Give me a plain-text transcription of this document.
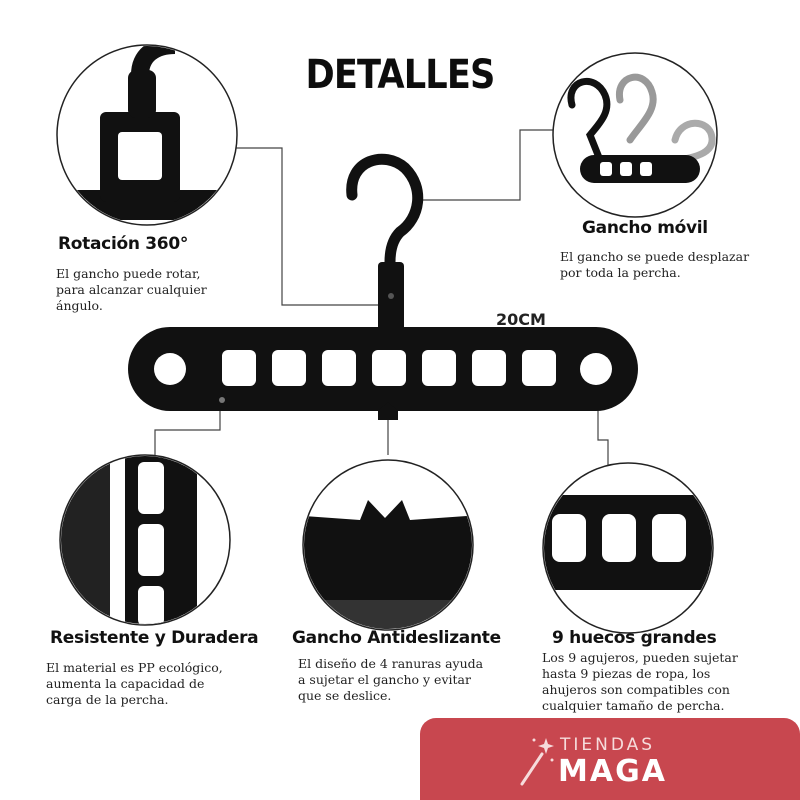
DETALLES
20CM
Rotación 360°
El gancho puede rotar,
para alcanzar cualquier
ángulo.
Gancho móvil
El gancho se puede desplazar
por toda la percha.
Resistente y Duradera
El material es PP ecológico,
aumenta la capacidad de
carga de la percha.
Gancho Antideslizante
El diseño de 4 ranuras ayuda
a sujetar el gancho y evitar
que se deslice.
9 huecos grandes
Los 9 agujeros, pueden sujetar
hasta 9 piezas de ropa, los
ahujeros son compatibles con
cualquier tamaño de percha.
TIENDAS
MAGA
